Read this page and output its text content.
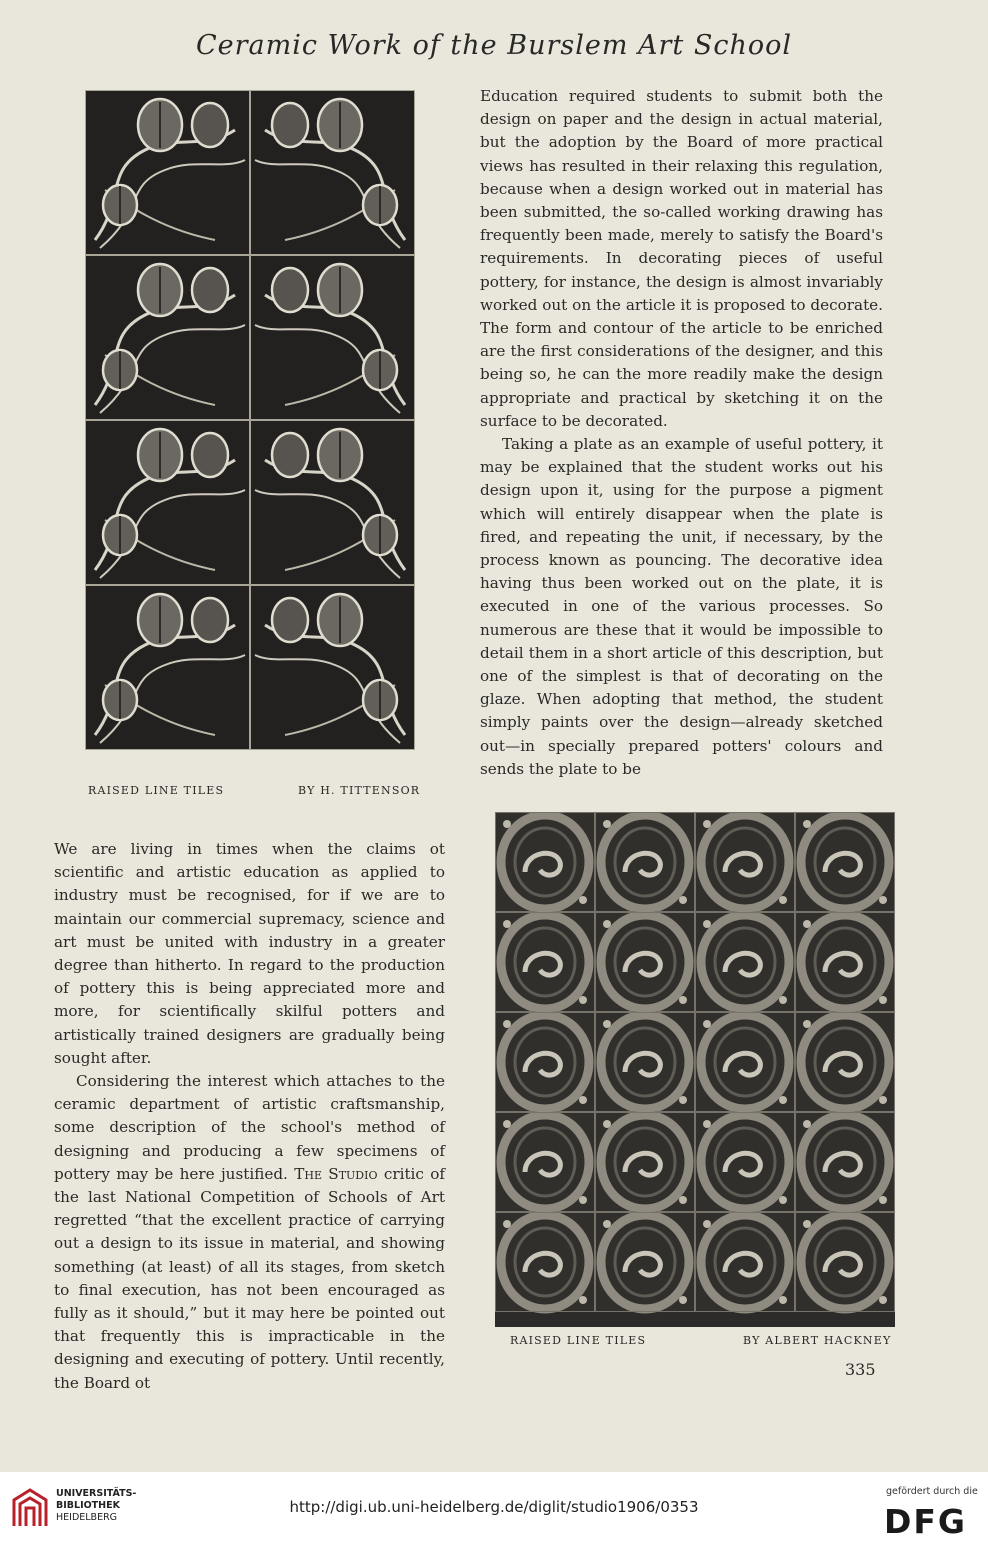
Ceramic Work of the Burslem Art School
RAISED LINE TILES	BY H. TITTENSOR

Education required students to submit both the design on paper and the design in actual material, but the adoption by the Board of more practical views has resulted in their relaxing this regulation, because when a design worked out in material has been submitted, the so-called working drawing has frequently been made, merely to satisfy the Board's requirements. In decorating pieces of useful pottery, for instance, the design is almost invariably worked out on the article it is proposed to decorate. The form and contour of the article to be enriched are the first considerations of the designer, and this being so, he can the more readily make the design appropriate and practical by sketching it on the surface to be decorated.

Taking a plate as an example of useful pottery, it may be explained that the student works out his design upon it, using for the purpose a pigment which will entirely disappear when the plate is fired, and repeating the unit, if necessary, by the process known as pouncing. The decorative idea having thus been worked out on the plate, it is executed in one of the various processes. So numerous are these that it would be impossible to detail them in a short article of this description, but one of the simplest is that of decorating on the glaze. When adopting that method, the student simply paints over the design—already sketched out—in specially prepared potters' colours and sends the plate to be

RAISED LINE TILES	BY ALBERT HACKNEY

We are living in times when the claims ot scientific and artistic education as applied to industry must be recognised, for if we are to maintain our commercial supremacy, science and art must be united with industry in a greater degree than hitherto. In regard to the production of pottery this is being appreciated more and more, for scientifically skilful potters and artistically trained designers are gradually being sought after.

Considering the interest which attaches to the ceramic department of artistic craftsmanship, some description of the school's method of designing and producing a few specimens of pottery may be here justified. The Studio critic of the last National Competition of Schools of Art regretted “that the excellent practice of carrying out a design to its issue in material, and showing something (at least) of all its stages, from sketch to final execution, has not been encouraged as fully as it should,” but it may here be pointed out that frequently this is impracticable in the designing and executing of pottery. Until recently, the Board ot

335
UNIVERSITÄTS-
BIBLIOTHEK
HEIDELBERG
http://digi.ub.uni-heidelberg.de/diglit/studio1906/0353
gefördert durch die
DFG
